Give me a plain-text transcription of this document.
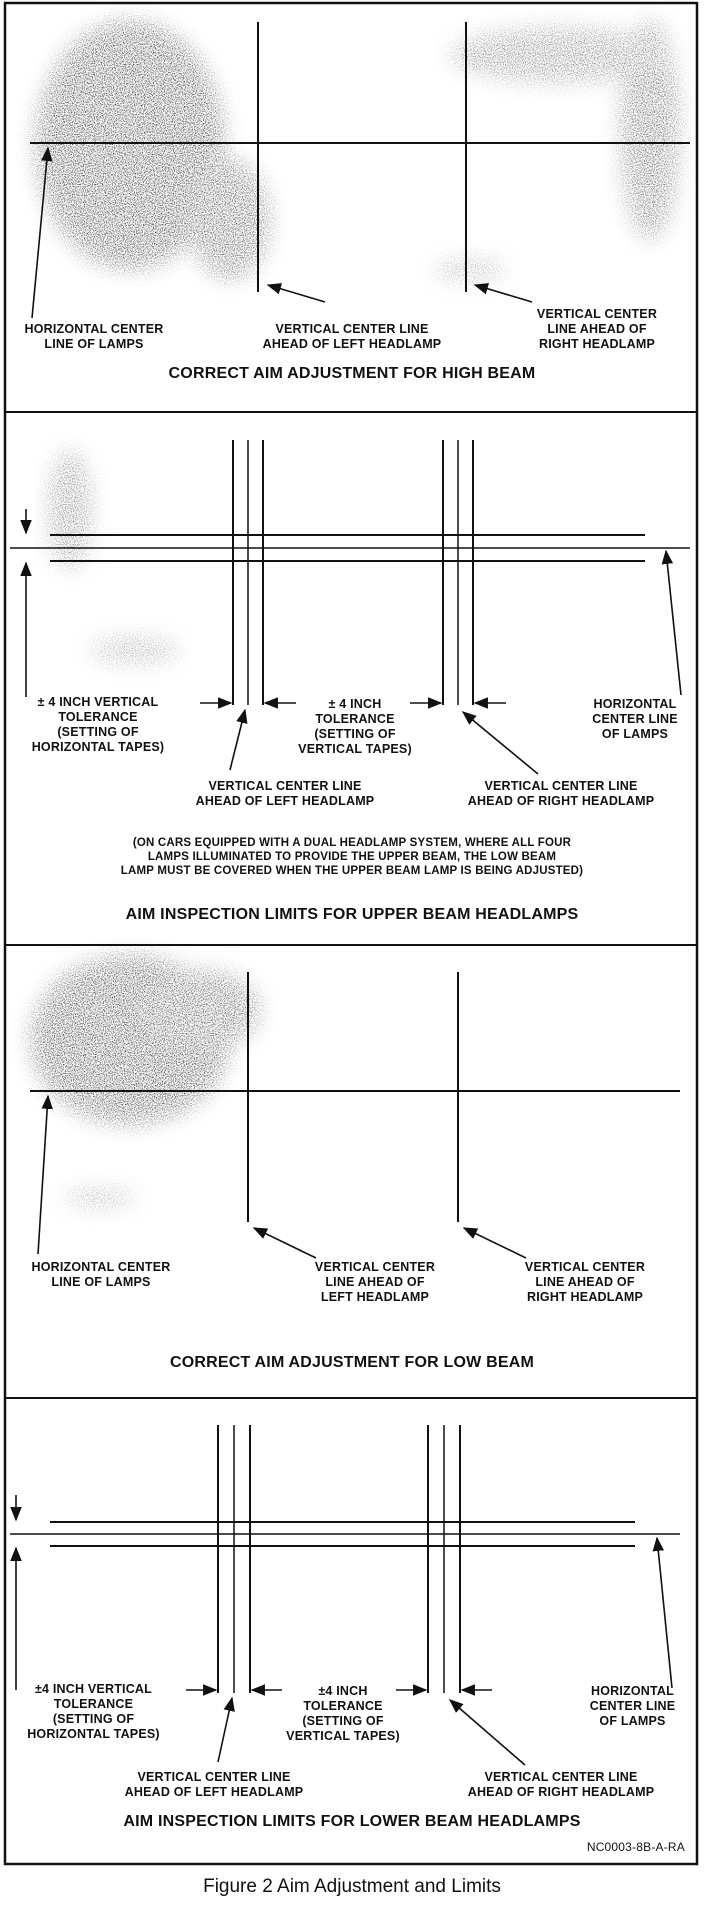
HORIZONTAL CENTER
LINE OF LAMPS
VERTICAL CENTER LINE
AHEAD OF LEFT HEADLAMP
VERTICAL CENTER
LINE AHEAD OF
RIGHT HEADLAMP
CORRECT AIM ADJUSTMENT FOR HIGH BEAM
± 4 INCH VERTICAL
TOLERANCE
(SETTING OF
HORIZONTAL TAPES)
± 4 INCH
TOLERANCE
(SETTING OF
VERTICAL TAPES)
HORIZONTAL
CENTER LINE
OF LAMPS
VERTICAL CENTER LINE
AHEAD OF LEFT HEADLAMP
VERTICAL CENTER LINE
AHEAD OF RIGHT HEADLAMP
(ON CARS EQUIPPED WITH A DUAL HEADLAMP SYSTEM, WHERE ALL FOUR
LAMPS ILLUMINATED TO PROVIDE THE UPPER BEAM, THE LOW BEAM
LAMP MUST BE COVERED WHEN THE UPPER BEAM LAMP IS BEING ADJUSTED)
AIM INSPECTION LIMITS FOR UPPER BEAM HEADLAMPS
HORIZONTAL CENTER
LINE OF LAMPS
VERTICAL CENTER
LINE AHEAD OF
LEFT HEADLAMP
VERTICAL CENTER
LINE AHEAD OF
RIGHT HEADLAMP
CORRECT AIM ADJUSTMENT FOR LOW BEAM
±4 INCH VERTICAL
TOLERANCE
(SETTING OF
HORIZONTAL TAPES)
±4 INCH
TOLERANCE
(SETTING OF
VERTICAL TAPES)
HORIZONTAL
CENTER LINE
OF LAMPS
VERTICAL CENTER LINE
AHEAD OF LEFT HEADLAMP
VERTICAL CENTER LINE
AHEAD OF RIGHT HEADLAMP
AIM INSPECTION LIMITS FOR LOWER BEAM HEADLAMPS
NC0003-8B-A-RA
Figure 2 Aim Adjustment and Limits
